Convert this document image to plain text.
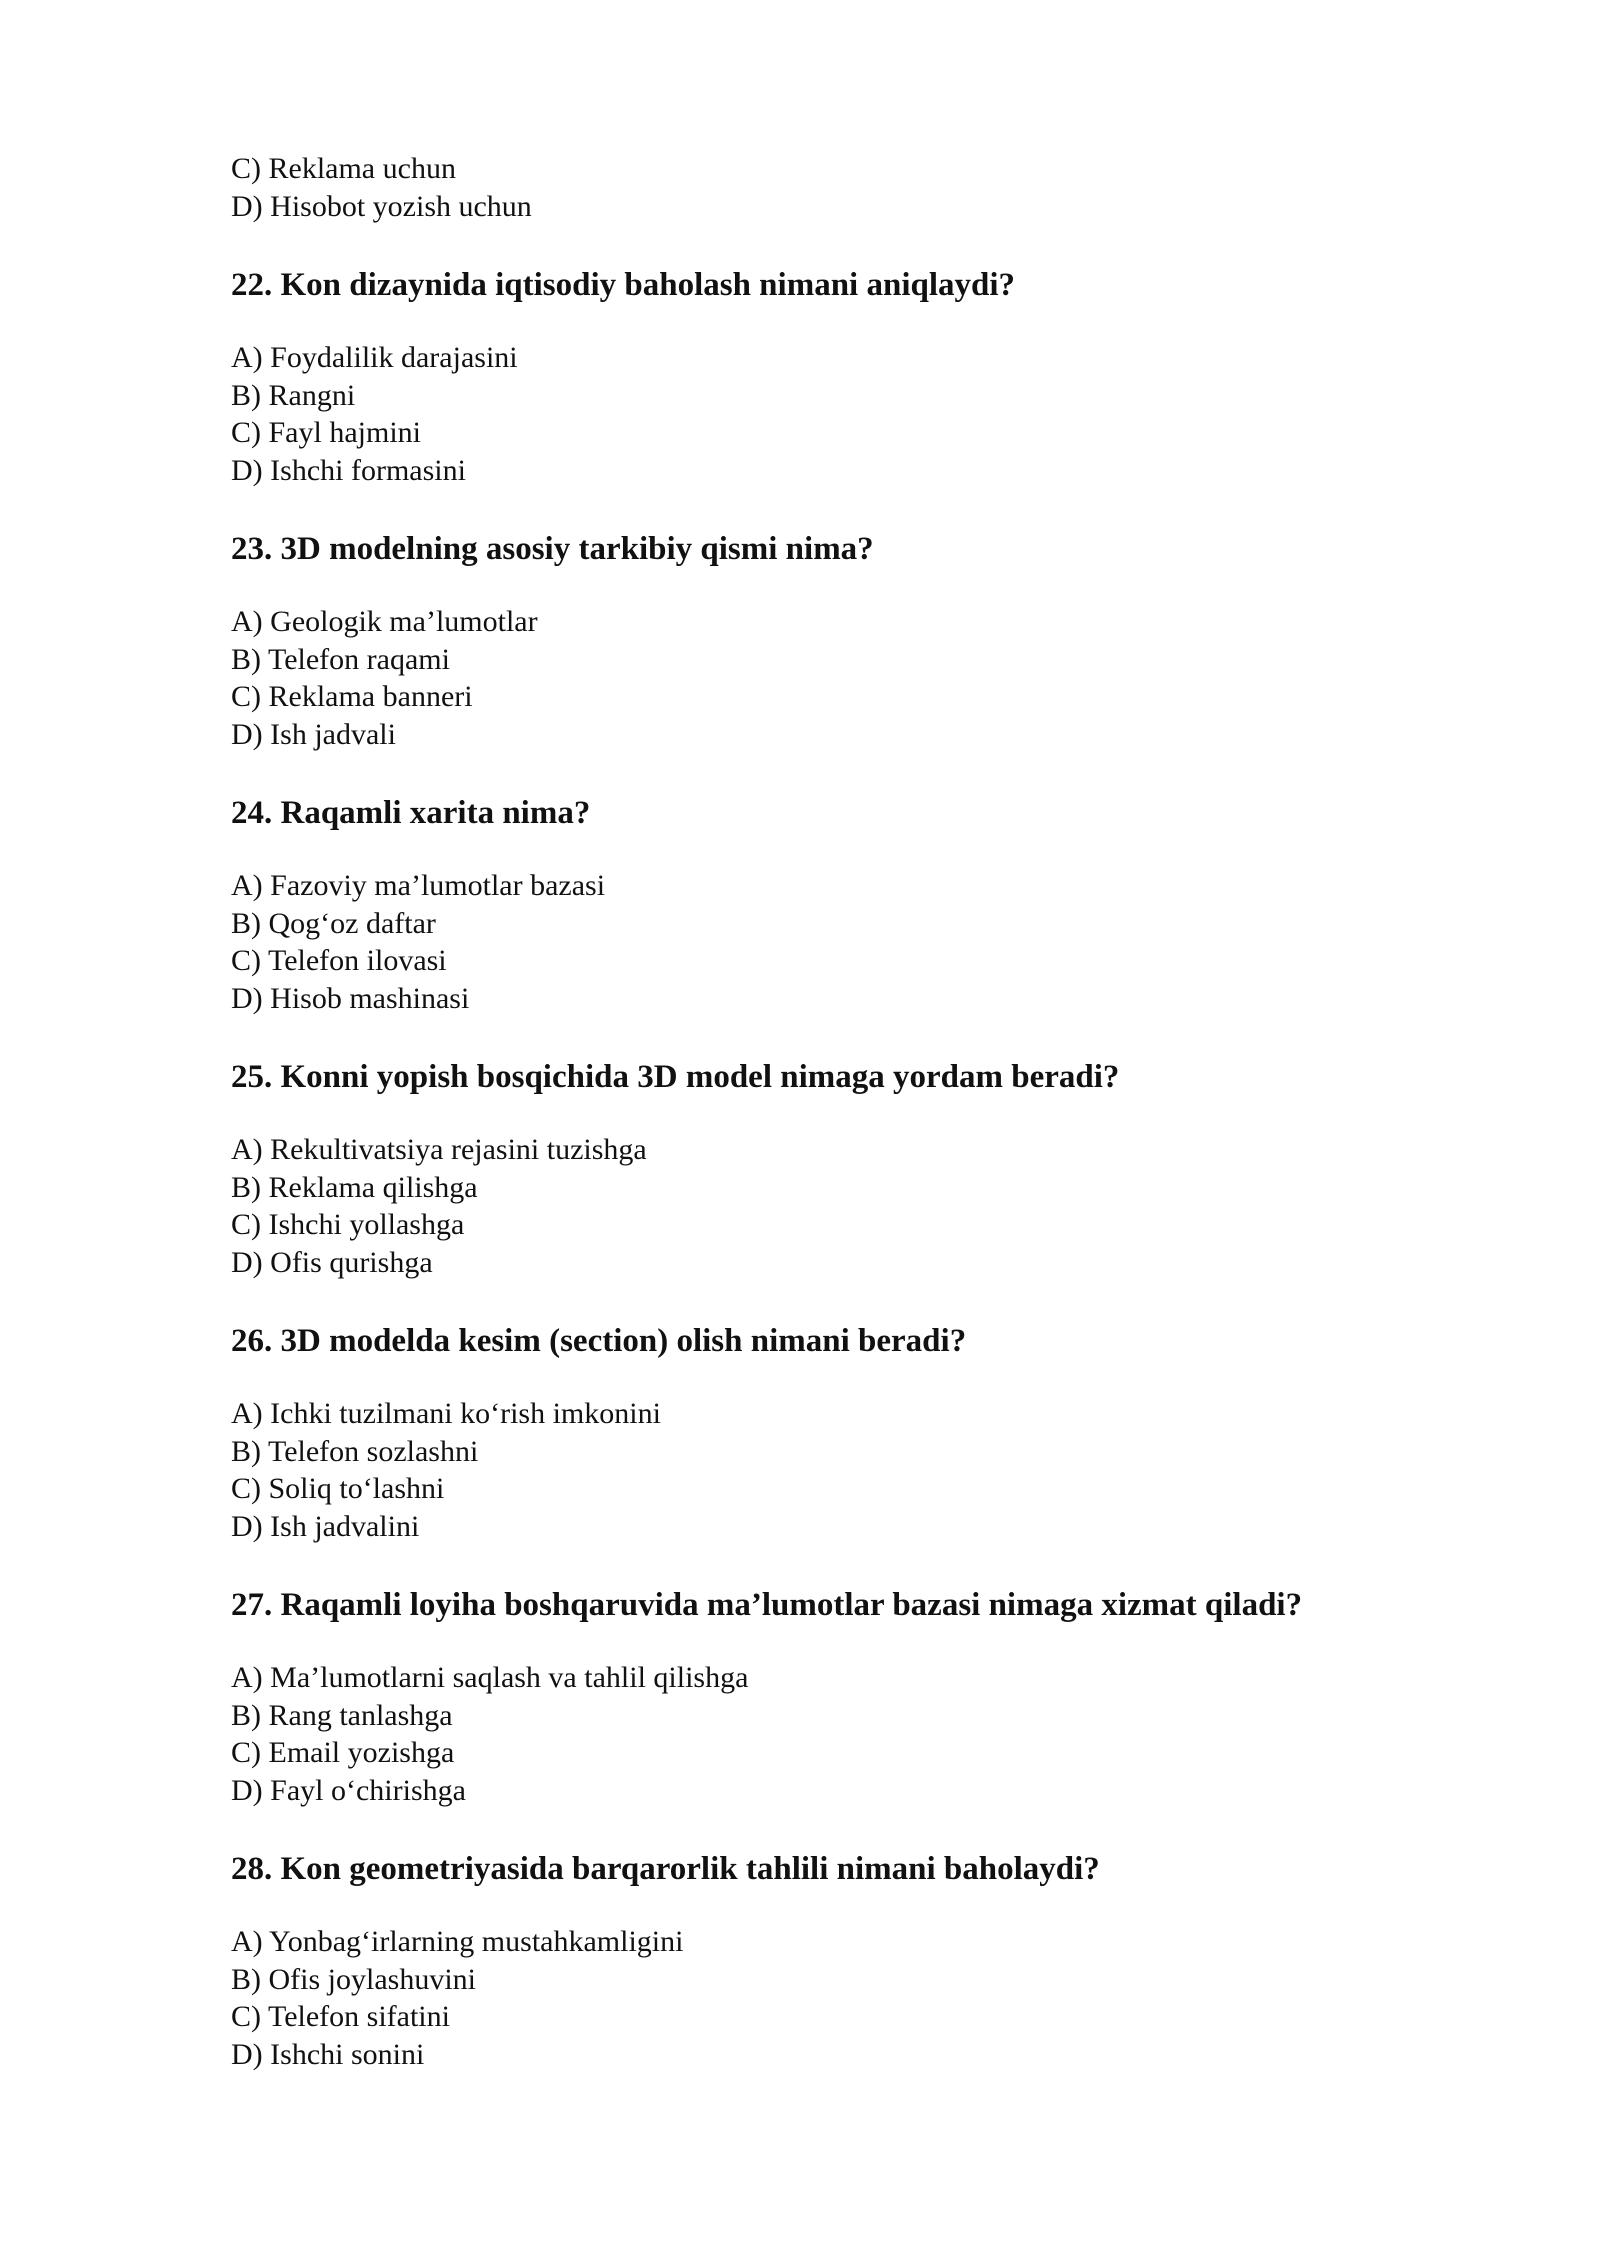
C) Reklama uchun
D) Hisobot yozish uchun
22. Kon dizaynida iqtisodiy baholash nimani aniqlaydi?
A) Foydalilik darajasini
B) Rangni
C) Fayl hajmini
D) Ishchi formasini
23. 3D modelning asosiy tarkibiy qismi nima?
A) Geologik ma’lumotlar
B) Telefon raqami
C) Reklama banneri
D) Ish jadvali
24. Raqamli xarita nima?
A) Fazoviy ma’lumotlar bazasi
B) Qog‘oz daftar
C) Telefon ilovasi
D) Hisob mashinasi
25. Konni yopish bosqichida 3D model nimaga yordam beradi?
A) Rekultivatsiya rejasini tuzishga
B) Reklama qilishga
C) Ishchi yollashga
D) Ofis qurishga
26. 3D modelda kesim (section) olish nimani beradi?
A) Ichki tuzilmani ko‘rish imkonini
B) Telefon sozlashni
C) Soliq to‘lashni
D) Ish jadvalini
27. Raqamli loyiha boshqaruvida ma’lumotlar bazasi nimaga xizmat qiladi?
A) Ma’lumotlarni saqlash va tahlil qilishga
B) Rang tanlashga
C) Email yozishga
D) Fayl o‘chirishga
28. Kon geometriyasida barqarorlik tahlili nimani baholaydi?
A) Yonbag‘irlarning mustahkamligini
B) Ofis joylashuvini
C) Telefon sifatini
D) Ishchi sonini
